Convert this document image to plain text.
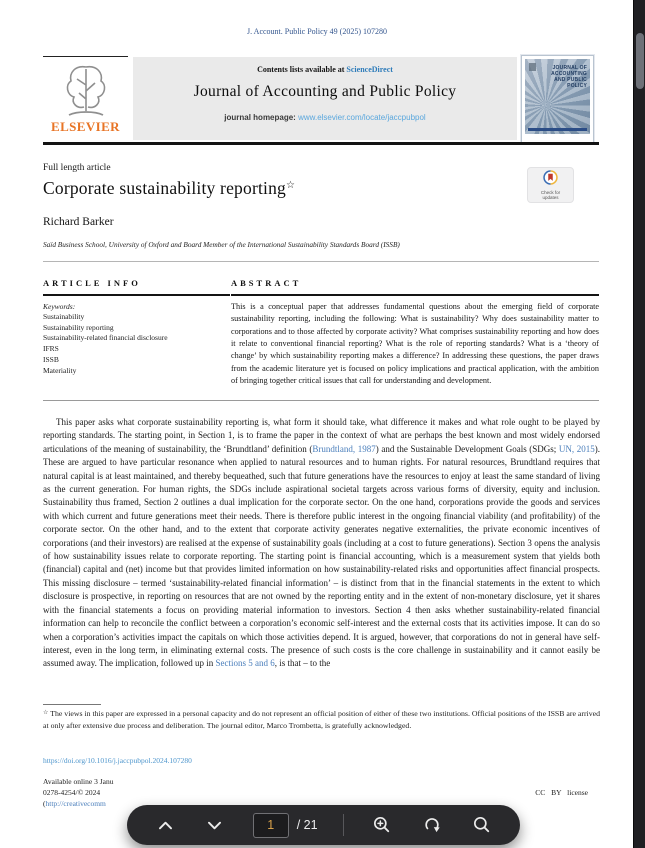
J. Account. Public Policy 49 (2025) 107280
ELSEVIER
Contents lists available at ScienceDirect
Journal of Accounting and Public Policy
journal homepage: www.elsevier.com/locate/jaccpubpol
JOURNAL OF
ACCOUNTING
AND PUBLIC
POLICY
Full length article
Corporate sustainability reporting☆
Check for
updates
Richard Barker
Saïd Business School, University of Oxford and Board Member of the International Sustainability Standards Board (ISSB)
ARTICLE INFO
Keywords:
Sustainability
Sustainability reporting
Sustainability-related financial disclosure
IFRS
ISSB
Materiality
ABSTRACT
This is a conceptual paper that addresses fundamental questions about the emerging field of corporate sustainability reporting, including the following: What is sustainability? Why does sustainability matter to corporations and to those affected by corporate activity? What comprises sustainability reporting and how does it relate to conventional financial reporting? What is the role of reporting standards? What is a ‘theory of change’ by which sustainability reporting makes a difference? In addressing these questions, the paper draws from the academic literature yet is focused on policy implications and practical application, with the ambition of bringing together critical issues that call for understanding and development.

This paper asks what corporate sustainability reporting is, what form it should take, what difference it makes and what role ought to be played by reporting standards. The starting point, in Section 1, is to frame the paper in the context of what are perhaps the best known and most widely endorsed articulations of the meaning of sustainability, the ‘Brundtland’ definition (Brundtland, 1987) and the Sustainable Development Goals (SDGs; UN, 2015). These are argued to have particular resonance when applied to natural resources and to human rights. For natural resources, Brundtland requires that natural capital is at least maintained, and thereby bequeathed, such that future generations have the resources to enjoy at least the same standard of living as the current generation. For human rights, the SDGs include aspirational societal targets across various forms of diversity, equity and inclusion. Sustainability thus framed, Section 2 outlines a dual implication for the corporate sector. On the one hand, corporations provide the goods and services with which current and future generations meet their needs. There is therefore public interest in the ongoing financial viability (and profitability) of the corporate sector. On the other hand, and to the extent that corporate activity generates negative externalities, the private economic incentives of corporations (and their investors) are realised at the expense of sustainability goals (including at a cost to future generations). Section 3 opens the analysis of how sustainability issues relate to corporate reporting. The starting point is financial accounting, which is a measurement system that yields both (financial) capital and (net) income but that provides limited information on how sustainability-related risks and opportunities affect financial prospects. This missing disclosure – termed ‘sustainability-related financial information’ – is distinct from that in the financial statements in the extent to which disclosure is prospective, in reporting on resources that are not owned by the reporting entity and in the extent of non-monetary disclosure, yet it shares with the financial statements a focus on providing material information to investors. Section 4 then asks whether sustainability-related financial information can help to reconcile the conflict between a corporation’s economic self-interest and the external costs that its activities impose. It can do so when a corporation’s activities impact the capitals on which those activities depend. It is argued, however, that corporations do not in general have self-interest, even in the long term, in eliminating external costs. The presence of such costs is the core challenge in sustainability and it cannot easily be assumed away. The implication, followed up in Sections 5 and 6, is that – to the

☆ The views in this paper are expressed in a personal capacity and do not represent an official position of either of these two institutions. Official positions of the ISSB are arrived at only after extensive due process and deliberation. The journal editor, Marco Trombetta, is gratefully acknowledged.

https://doi.org/10.1016/j.jaccpubpol.2024.107280
Available online 3 Janu
0278-4254/© 2024
(http://creativecomm
CC BY license
1
/ 21
